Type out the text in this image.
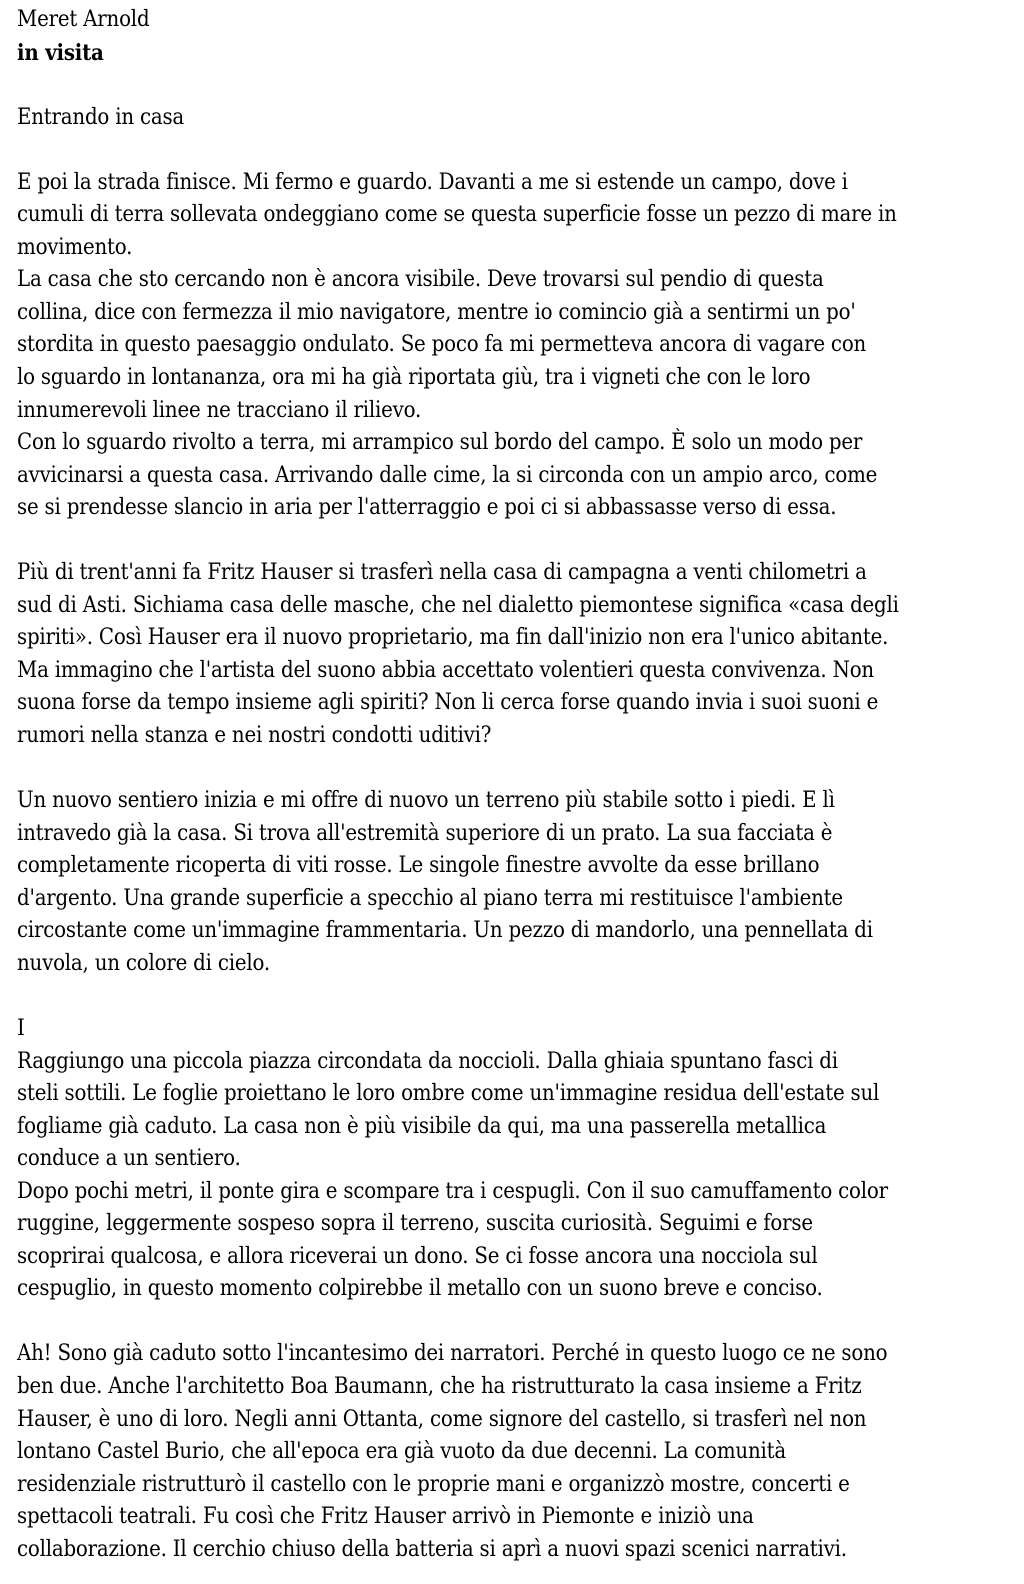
Meret Arnold
in visita

Entrando in casa

E poi la strada finisce. Mi fermo e guardo. Davanti a me si estende un campo, dove i
cumuli di terra sollevata ondeggiano come se questa superficie fosse un pezzo di mare in
movimento.
La casa che sto cercando non è ancora visibile. Deve trovarsi sul pendio di questa
collina, dice con fermezza il mio navigatore, mentre io comincio già a sentirmi un po'
stordita in questo paesaggio ondulato. Se poco fa mi permetteva ancora di vagare con
lo sguardo in lontananza, ora mi ha già riportata giù, tra i vigneti che con le loro
innumerevoli linee ne tracciano il rilievo.
Con lo sguardo rivolto a terra, mi arrampico sul bordo del campo. È solo un modo per
avvicinarsi a questa casa. Arrivando dalle cime, la si circonda con un ampio arco, come
se si prendesse slancio in aria per l'atterraggio e poi ci si abbassasse verso di essa.

Più di trent'anni fa Fritz Hauser si trasferì nella casa di campagna a venti chilometri a
sud di Asti. Sichiama casa delle masche, che nel dialetto piemontese significa «casa degli
spiriti». Così Hauser era il nuovo proprietario, ma fin dall'inizio non era l'unico abitante.
Ma immagino che l'artista del suono abbia accettato volentieri questa convivenza. Non
suona forse da tempo insieme agli spiriti? Non li cerca forse quando invia i suoi suoni e
rumori nella stanza e nei nostri condotti uditivi?

Un nuovo sentiero inizia e mi offre di nuovo un terreno più stabile sotto i piedi. E lì
intravedo già la casa. Si trova all'estremità superiore di un prato. La sua facciata è
completamente ricoperta di viti rosse. Le singole finestre avvolte da esse brillano
d'argento. Una grande superficie a specchio al piano terra mi restituisce l'ambiente
circostante come un'immagine frammentaria. Un pezzo di mandorlo, una pennellata di
nuvola, un colore di cielo.

I
Raggiungo una piccola piazza circondata da noccioli. Dalla ghiaia spuntano fasci di
steli sottili. Le foglie proiettano le loro ombre come un'immagine residua dell'estate sul
fogliame già caduto. La casa non è più visibile da qui, ma una passerella metallica
conduce a un sentiero.
Dopo pochi metri, il ponte gira e scompare tra i cespugli. Con il suo camuffamento color
ruggine, leggermente sospeso sopra il terreno, suscita curiosità. Seguimi e forse
scoprirai qualcosa, e allora riceverai un dono. Se ci fosse ancora una nocciola sul
cespuglio, in questo momento colpirebbe il metallo con un suono breve e conciso.

Ah! Sono già caduto sotto l'incantesimo dei narratori. Perché in questo luogo ce ne sono
ben due. Anche l'architetto Boa Baumann, che ha ristrutturato la casa insieme a Fritz
Hauser, è uno di loro. Negli anni Ottanta, come signore del castello, si trasferì nel non
lontano Castel Burio, che all'epoca era già vuoto da due decenni. La comunità
residenziale ristrutturò il castello con le proprie mani e organizzò mostre, concerti e
spettacoli teatrali. Fu così che Fritz Hauser arrivò in Piemonte e iniziò una
collaborazione. Il cerchio chiuso della batteria si aprì a nuovi spazi scenici narrativi.
